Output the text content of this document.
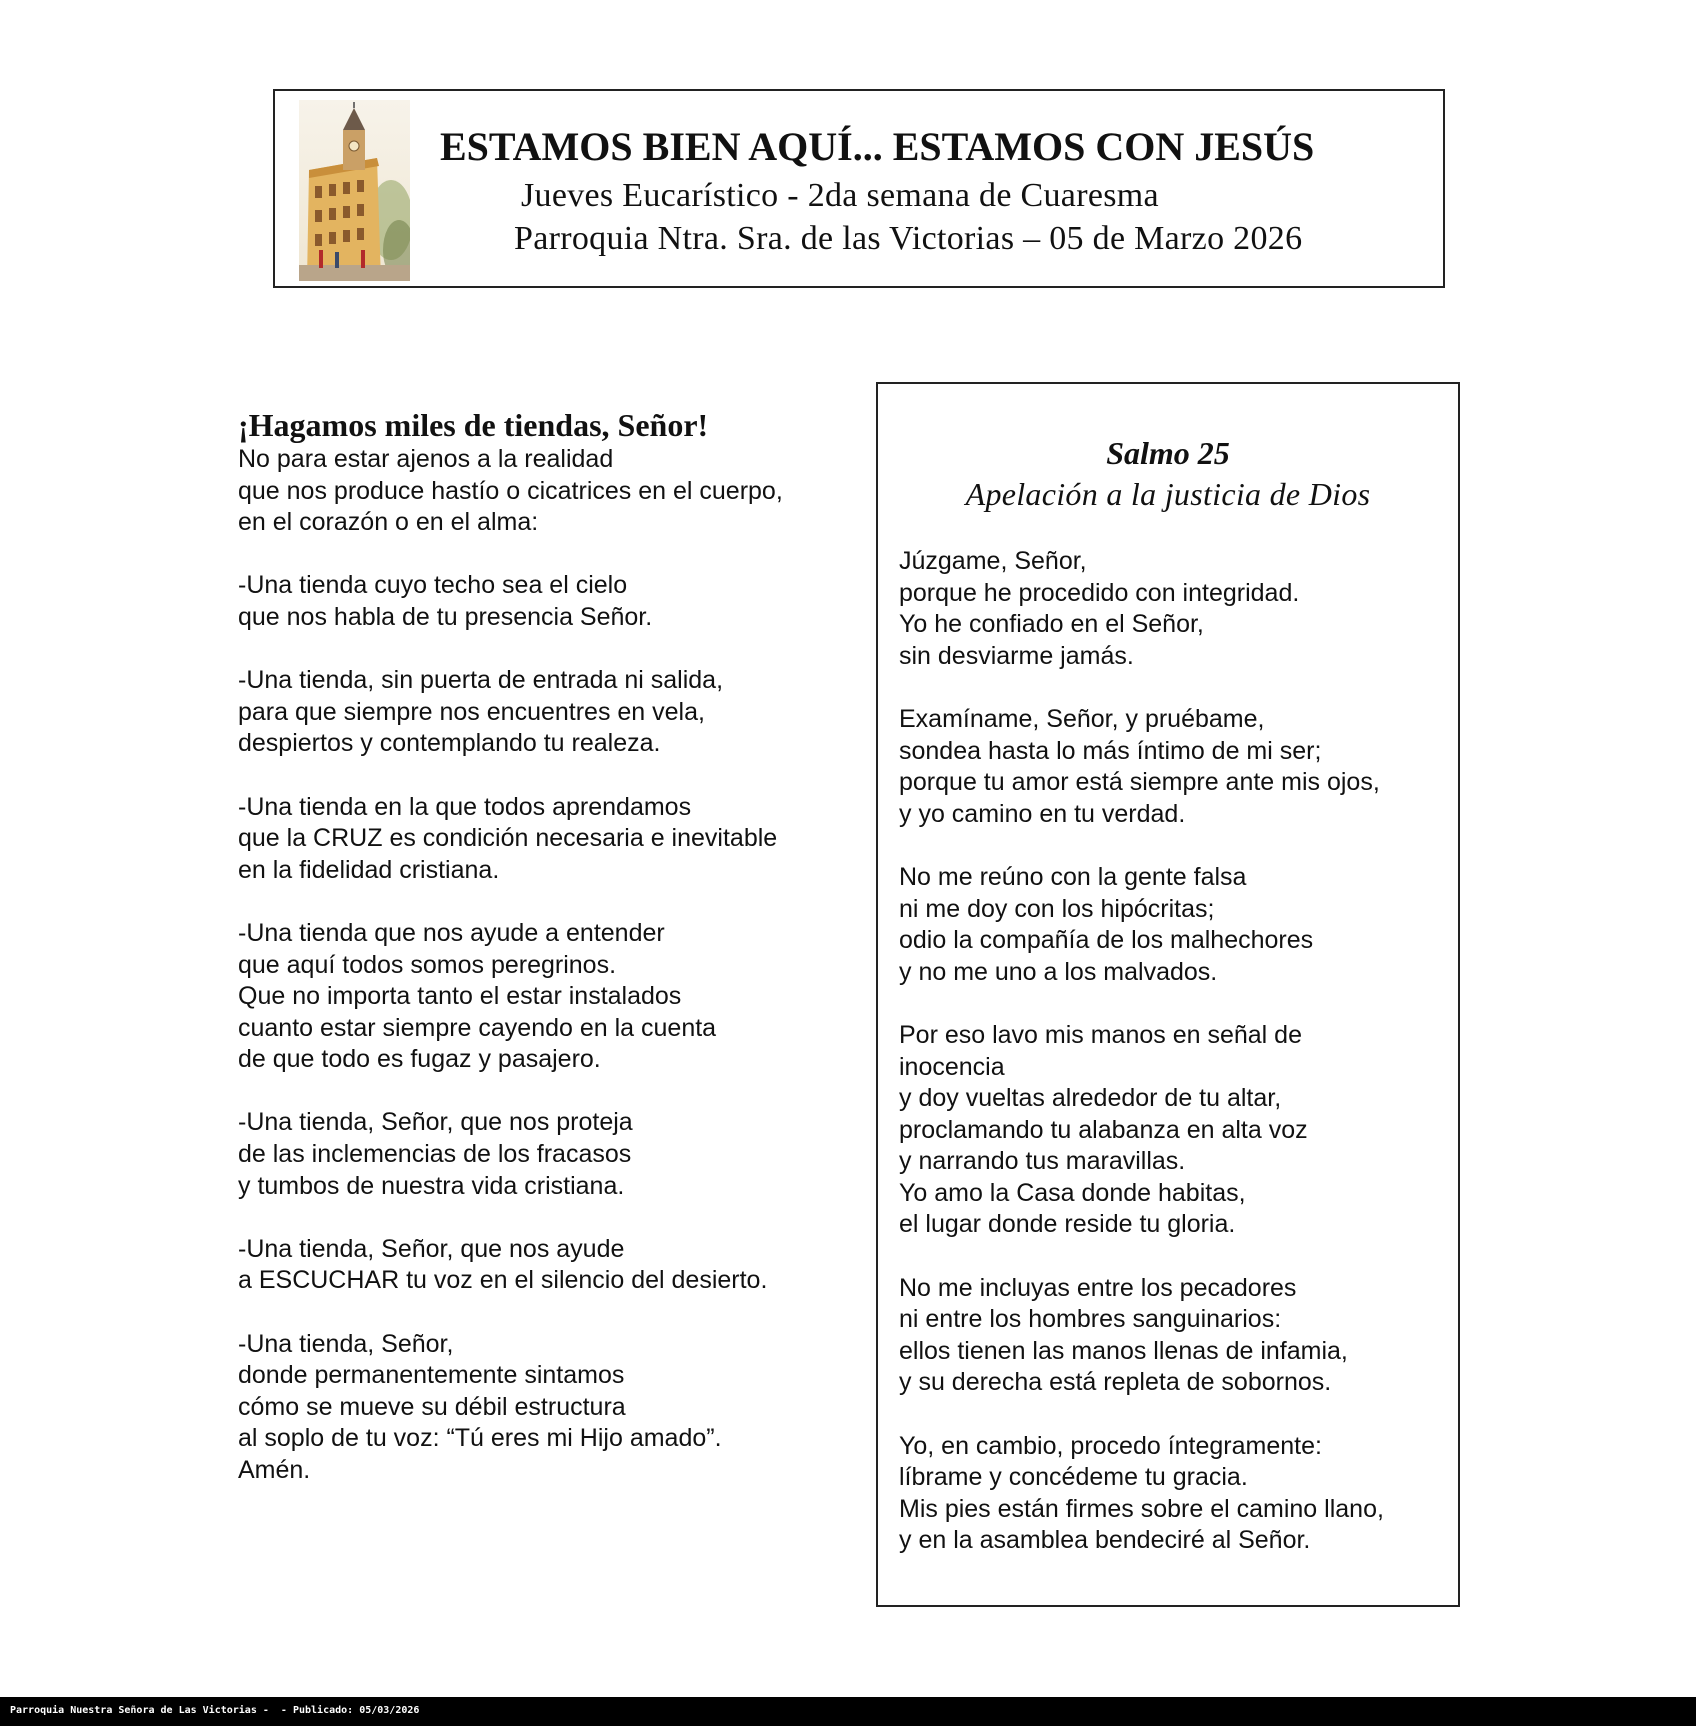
ESTAMOS BIEN AQUÍ... ESTAMOS CON JESÚS
Jueves Eucarístico - 2da semana de Cuaresma
Parroquia Ntra. Sra. de las Victorias – 05 de Marzo 2026
¡Hagamos miles de tiendas, Señor!
No para estar ajenos a la realidad
que nos produce hastío o cicatrices en el cuerpo,
en el corazón o en el alma:
-Una tienda cuyo techo sea el cielo
que nos habla de tu presencia Señor.
-Una tienda, sin puerta de entrada ni salida,
para que siempre nos encuentres en vela,
despiertos y contemplando tu realeza.
-Una tienda en la que todos aprendamos
que la CRUZ es condición necesaria e inevitable
en la fidelidad cristiana.
-Una tienda que nos ayude a entender
que aquí todos somos peregrinos.
Que no importa tanto el estar instalados
cuanto estar siempre cayendo en la cuenta
de que todo es fugaz y pasajero.
-Una tienda, Señor, que nos proteja
de las inclemencias de los fracasos
y tumbos de nuestra vida cristiana.
-Una tienda, Señor, que nos ayude
a ESCUCHAR tu voz en el silencio del desierto.
-Una tienda, Señor,
donde permanentemente sintamos
cómo se mueve su débil estructura
al soplo de tu voz: “Tú eres mi Hijo amado”.
Amén.
Salmo 25
Apelación a la justicia de Dios
Júzgame, Señor,
porque he procedido con integridad.
Yo he confiado en el Señor,
sin desviarme jamás.
Examíname, Señor, y pruébame,
sondea hasta lo más íntimo de mi ser;
porque tu amor está siempre ante mis ojos,
y yo camino en tu verdad.
No me reúno con la gente falsa
ni me doy con los hipócritas;
odio la compañía de los malhechores
y no me uno a los malvados.
Por eso lavo mis manos en señal de
inocencia
y doy vueltas alrededor de tu altar,
proclamando tu alabanza en alta voz
y narrando tus maravillas.
Yo amo la Casa donde habitas,
el lugar donde reside tu gloria.
No me incluyas entre los pecadores
ni entre los hombres sanguinarios:
ellos tienen las manos llenas de infamia,
y su derecha está repleta de sobornos.
Yo, en cambio, procedo íntegramente:
líbrame y concédeme tu gracia.
Mis pies están firmes sobre el camino llano,
y en la asamblea bendeciré al Señor.
Parroquia Nuestra Señora de Las Victorias -  - Publicado: 05/03/2026
